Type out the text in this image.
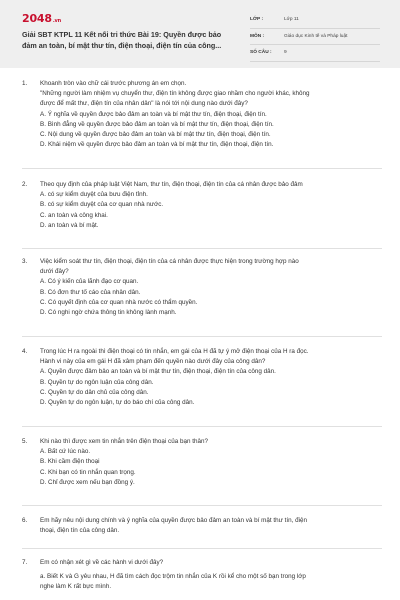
2048.vn
Giải SBT KTPL 11 Kết nối tri thức Bài 19: Quyền được bảo
đảm an toàn, bí mật thư tín, điện thoại, điện tín của công...
LỚP :	Lớp 11
MÔN :	Giáo dục Kinh tế và Pháp luật
SỐ CÂU :	9
1.	Khoanh tròn vào chữ cái trước phương án em chọn.
"Những người làm nhiệm vụ chuyển thư, điện tín không được giao nhầm cho người khác, không
được để mất thư, điện tín của nhân dân" là nói tới nội dung nào dưới đây?
A. Ý nghĩa về quyền được bảo đảm an toàn và bí mật thư tín, điện thoại, điện tín.
B. Bình đẳng về quyền được bảo đảm an toàn và bí mật thư tín, điện thoại, điện tín.
C. Nội dung về quyền được bảo đảm an toàn và bí mật thư tín, điện thoại, điện tín.
D. Khái niệm về quyền được bảo đảm an toàn và bí mật thư tín, điện thoại, điện tín.
2.	Theo quy định của pháp luật Việt Nam, thư tín, điện thoại, điện tín của cá nhân được bảo đảm
A. có sự kiểm duyệt của bưu điện tỉnh.
B. có sự kiểm duyệt của cơ quan nhà nước.
C. an toàn và công khai.
D. an toàn và bí mật.
3.	Việc kiểm soát thư tín, điện thoại, điện tín của cá nhân được thực hiện trong trường hợp nào
dưới đây?
A. Có ý kiến của lãnh đạo cơ quan.
B. Có đơn thư tố cáo của nhân dân.
C. Có quyết định của cơ quan nhà nước có thẩm quyền.
D. Có nghi ngờ chứa thông tin không lành mạnh.
4.	Trong lúc H ra ngoài thì điện thoại có tin nhắn, em gái của H đã tự ý mở điện thoại của H ra đọc.
Hành vi này của em gái H đã xâm phạm đến quyền nào dưới đây của công dân?
A. Quyền được đảm bảo an toàn và bí mật thư tín, điện thoại, điện tín của công dân.
B. Quyền tự do ngôn luận của công dân.
C. Quyền tự do dân chủ của công dân.
D. Quyền tự do ngôn luận, tự do báo chí của công dân.
5.	Khi nào thì được xem tin nhắn trên điện thoại của bạn thân?
A. Bất cứ lúc nào.
B. Khi cầm điện thoại
C. Khi bạn có tin nhắn quan trọng.
D. Chỉ được xem nếu bạn đồng ý.
6.	Em hãy nêu nội dung chính và ý nghĩa của quyền được bảo đảm an toàn và bí mật thư tín, điện
thoại, điện tín của công dân.
7.	Em có nhận xét gì về các hành vi dưới đây?
a. Biết K và G yêu nhau, H đã tìm cách đọc trộm tin nhắn của K rồi kể cho một số bạn trong lớp
nghe làm K rất bực mình.
